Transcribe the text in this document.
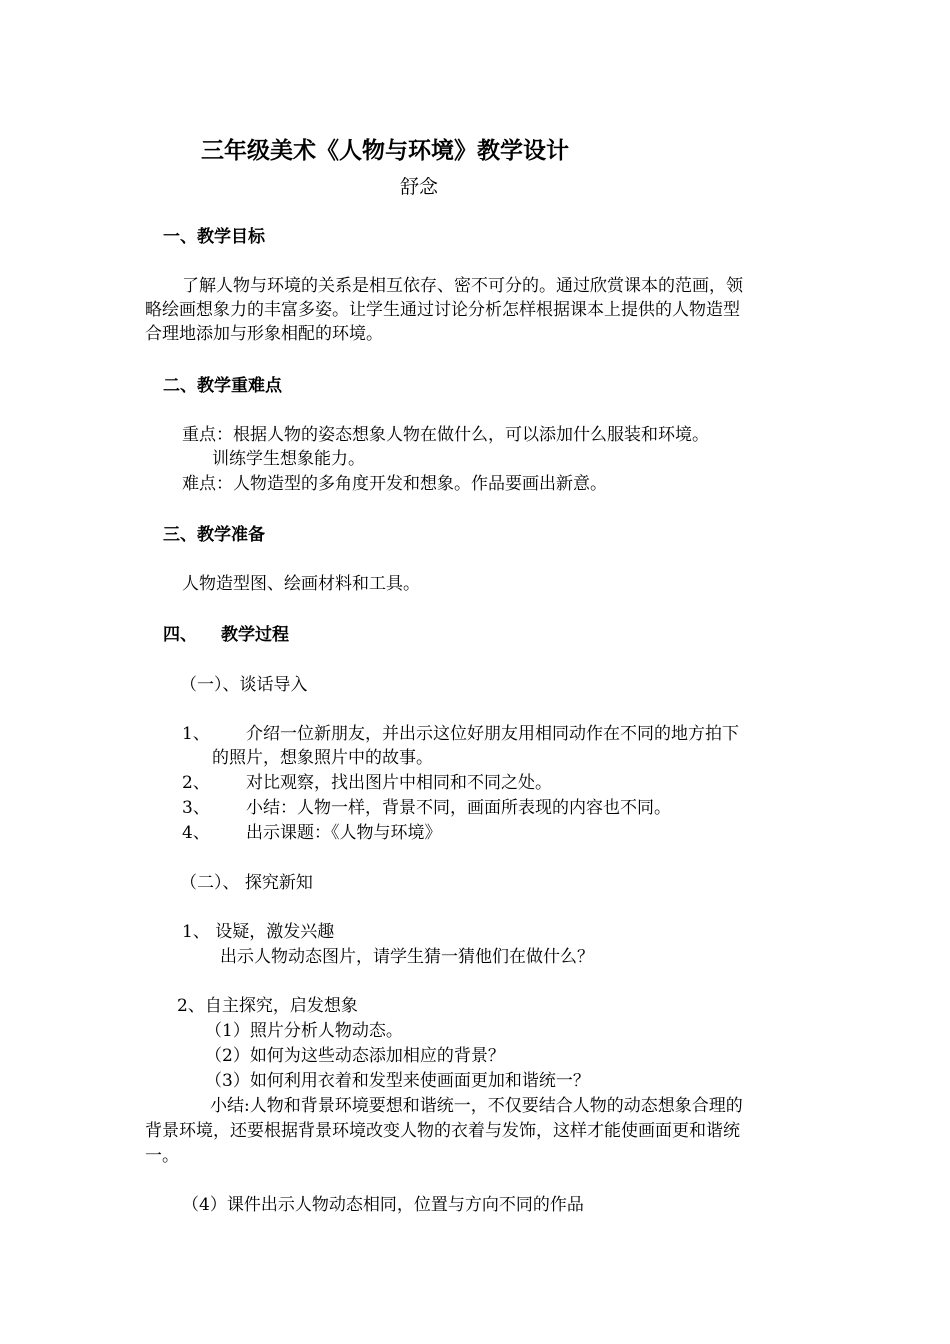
三年级美术《人物与环境》教学设计
舒念
一、教学目标
了解人物与环境的关系是相互依存、密不可分的。通过欣赏课本的范画，领
略绘画想象力的丰富多姿。让学生通过讨论分析怎样根据课本上提供的人物造型
合理地添加与形象相配的环境。
二、教学重难点
重点：根据人物的姿态想象人物在做什么，可以添加什么服装和环境。
训练学生想象能力。
难点：人物造型的多角度开发和想象。作品要画出新意。
三、教学准备
人物造型图、绘画材料和工具。
四、 教学过程
（一）、谈话导入
1、 介绍一位新朋友，并出示这位好朋友用相同动作在不同的地方拍下
的照片，想象照片中的故事。
2、 对比观察，找出图片中相同和不同之处。
3、 小结：人物一样，背景不同，画面所表现的内容也不同。
4、 出示课题：《人物与环境》
（二）、 探究新知
1、 设疑，激发兴趣
出示人物动态图片，请学生猜一猜他们在做什么？
2、自主探究，启发想象
（1）照片分析人物动态。
（2）如何为这些动态添加相应的背景？
（3）如何利用衣着和发型来使画面更加和谐统一？
小结:人物和背景环境要想和谐统一，不仅要结合人物的动态想象合理的
背景环境，还要根据背景环境改变人物的衣着与发饰，这样才能使画面更和谐统
一。
（4）课件出示人物动态相同，位置与方向不同的作品
